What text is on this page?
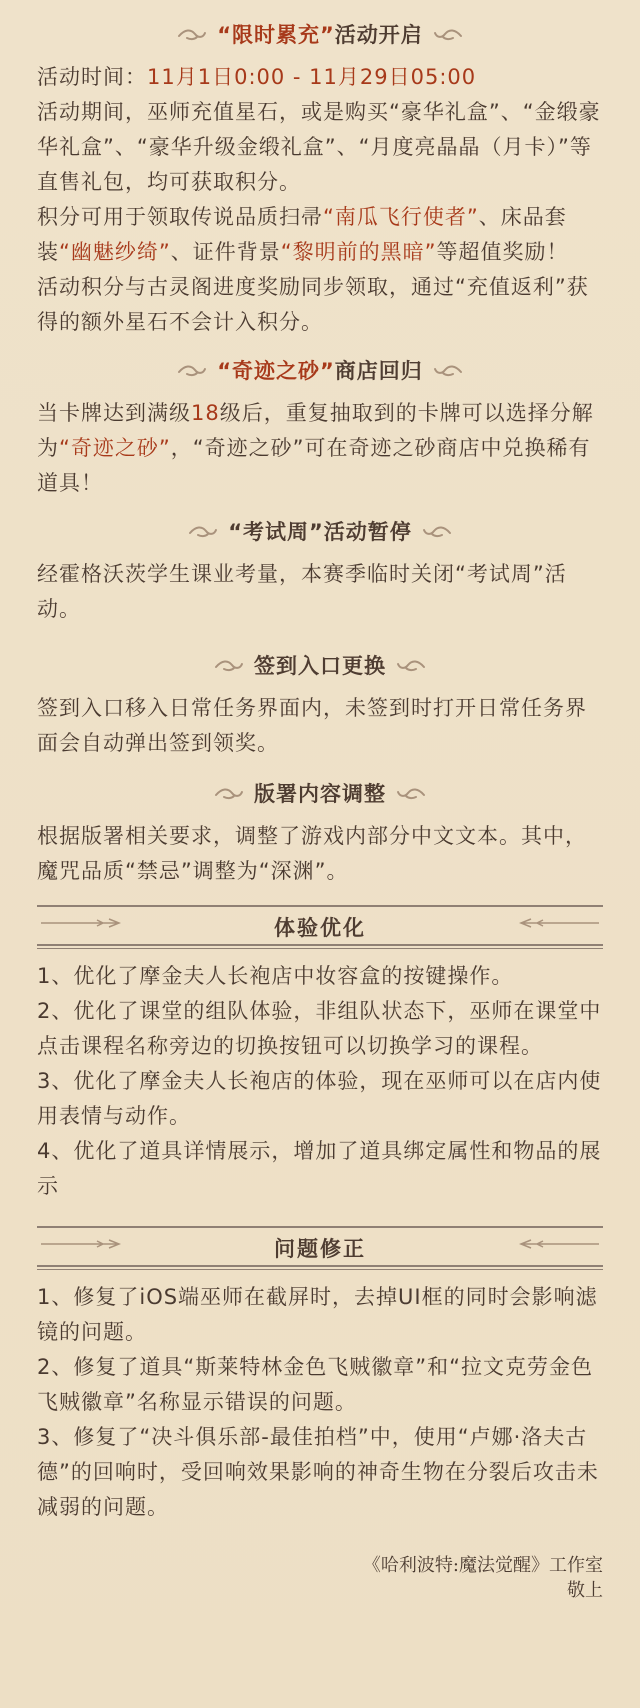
“限时累充” 活动开启

活动时间：11月1日0:00 - 11月29日05:00

活动期间，巫师充值星石，或是购买“豪华礼盒”、“金缎豪华礼盒”、“豪华升级金缎礼盒”、“月度亮晶晶（月卡）”等直售礼包，均可获取积分。

积分可用于领取传说品质扫帚“南瓜飞行使者”、床品套装“幽魅纱绮”、证件背景“黎明前的黑暗”等超值奖励！

活动积分与古灵阁进度奖励同步领取，通过“充值返利”获得的额外星石不会计入积分。

“奇迹之砂” 商店回归

当卡牌达到满级18级后，重复抽取到的卡牌可以选择分解为“奇迹之砂”，“奇迹之砂”可在奇迹之砂商店中兑换稀有道具！

“考试周”活动暂停

经霍格沃茨学生课业考量，本赛季临时关闭“考试周”活动。

签到入口更换

签到入口移入日常任务界面内，未签到时打开日常任务界面会自动弹出签到领奖。

版署内容调整

根据版署相关要求，调整了游戏内部分中文文本。其中，魔咒品质“禁忌”调整为“深渊”。

体验优化

1、优化了摩金夫人长袍店中妆容盒的按键操作。

2、优化了课堂的组队体验，非组队状态下，巫师在课堂中点击课程名称旁边的切换按钮可以切换学习的课程。

3、优化了摩金夫人长袍店的体验，现在巫师可以在店内使用表情与动作。

4、优化了道具详情展示，增加了道具绑定属性和物品的展示

问题修正

1、修复了iOS端巫师在截屏时，去掉UI框的同时会影响滤镜的问题。

2、修复了道具“斯莱特林金色飞贼徽章”和“拉文克劳金色飞贼徽章”名称显示错误的问题。

3、修复了“决斗俱乐部-最佳拍档”中，使用“卢娜·洛夫古德”的回响时，受回响效果影响的神奇生物在分裂后攻击未减弱的问题。

《哈利波特:魔法觉醒》工作室
敬上
